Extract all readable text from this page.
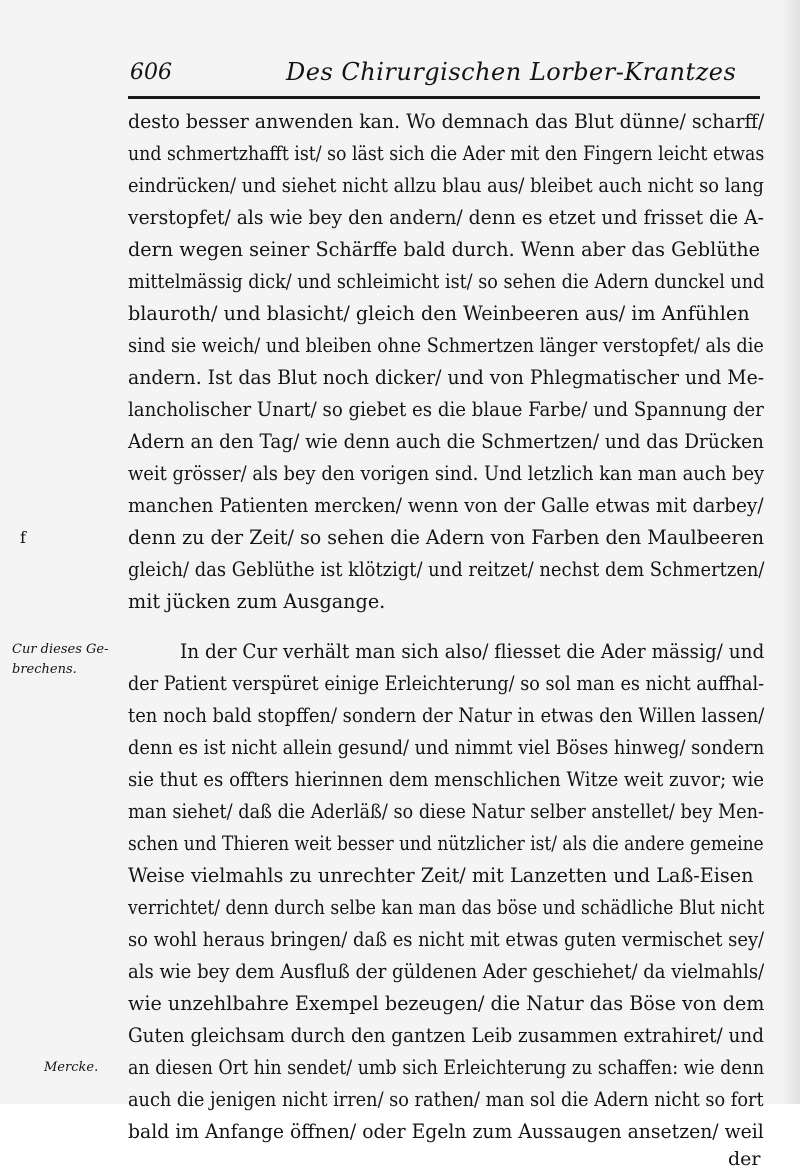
606	Des Chirurgischen Lorber-Krantzes
desto besser anwenden kan. Wo demnach das Blut dünne/ scharff/
und schmertzhafft ist/ so läst sich die Ader mit den Fingern leicht etwas
eindrücken/ und siehet nicht allzu blau aus/ bleibet auch nicht so lang
verstopfet/ als wie bey den andern/ denn es etzet und frisset die A-
dern wegen seiner Schärffe bald durch. Wenn aber das Geblüthe
mittelmässig dick/ und schleimicht ist/ so sehen die Adern dunckel und
blauroth/ und blasicht/ gleich den Weinbeeren aus/ im Anfühlen
sind sie weich/ und bleiben ohne Schmertzen länger verstopfet/ als die
andern. Ist das Blut noch dicker/ und von Phlegmatischer und Me-
lancholischer Unart/ so giebet es die blaue Farbe/ und Spannung der
Adern an den Tag/ wie denn auch die Schmertzen/ und das Drücken
weit grösser/ als bey den vorigen sind. Und letzlich kan man auch bey
manchen Patienten mercken/ wenn von der Galle etwas mit darbey/
denn zu der Zeit/ so sehen die Adern von Farben den Maulbeeren
gleich/ das Geblüthe ist klötzigt/ und reitzet/ nechst dem Schmertzen/
mit jücken zum Ausgange.
In der Cur verhält man sich also/ fliesset die Ader mässig/ und
der Patient verspüret einige Erleichterung/ so sol man es nicht auffhal-
ten noch bald stopffen/ sondern der Natur in etwas den Willen lassen/
denn es ist nicht allein gesund/ und nimmt viel Böses hinweg/ sondern
sie thut es offters hierinnen dem menschlichen Witze weit zuvor; wie
man siehet/ daß die Aderläß/ so diese Natur selber anstellet/ bey Men-
schen und Thieren weit besser und nützlicher ist/ als die andere gemeine
Weise vielmahls zu unrechter Zeit/ mit Lanzetten und Laß-Eisen
verrichtet/ denn durch selbe kan man das böse und schädliche Blut nicht
so wohl heraus bringen/ daß es nicht mit etwas guten vermischet sey/
als wie bey dem Ausfluß der güldenen Ader geschiehet/ da vielmahls/
wie unzehlbahre Exempel bezeugen/ die Natur das Böse von dem
Guten gleichsam durch den gantzen Leib zusammen extrahiret/ und
an diesen Ort hin sendet/ umb sich Erleichterung zu schaffen: wie denn
auch die jenigen nicht irren/ so rathen/ man sol die Adern nicht so fort
bald im Anfange öffnen/ oder Egeln zum Aussaugen ansetzen/ weil
Cur dieses Ge-
brechens.
Mercke.
f
der
